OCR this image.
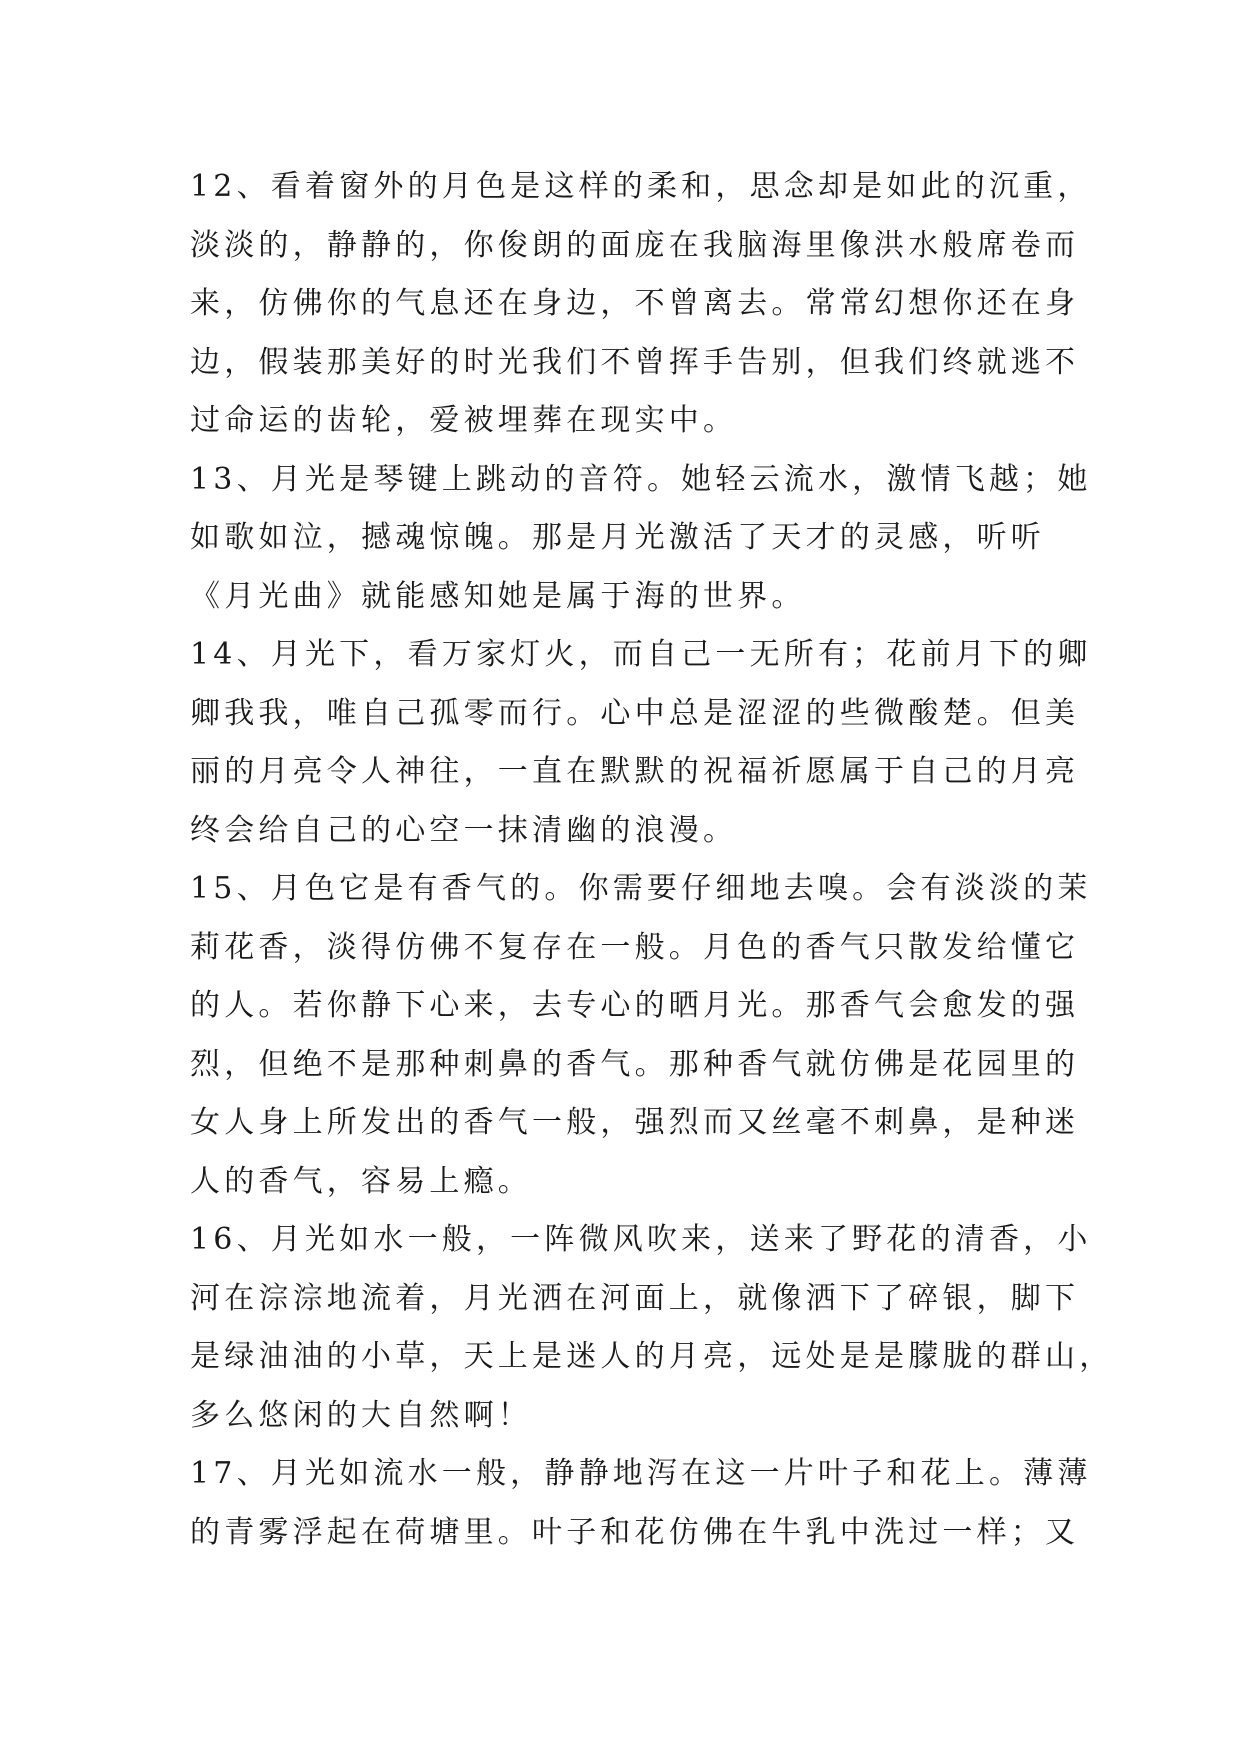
12、看着窗外的月色是这样的柔和，思念却是如此的沉重，
淡淡的，静静的，你俊朗的面庞在我脑海里像洪水般席卷而
来，仿佛你的气息还在身边，不曾离去。常常幻想你还在身
边，假装那美好的时光我们不曾挥手告别，但我们终就逃不
过命运的齿轮，爱被埋葬在现实中。

13、月光是琴键上跳动的音符。她轻云流水，激情飞越；她
如歌如泣，撼魂惊魄。那是月光激活了天才的灵感，听听
《月光曲》就能感知她是属于海的世界。

14、月光下，看万家灯火，而自己一无所有；花前月下的卿
卿我我，唯自己孤零而行。心中总是涩涩的些微酸楚。但美
丽的月亮令人神往，一直在默默的祝福祈愿属于自己的月亮
终会给自己的心空一抹清幽的浪漫。

15、月色它是有香气的。你需要仔细地去嗅。会有淡淡的茉
莉花香，淡得仿佛不复存在一般。月色的香气只散发给懂它
的人。若你静下心来，去专心的晒月光。那香气会愈发的强
烈，但绝不是那种刺鼻的香气。那种香气就仿佛是花园里的
女人身上所发出的香气一般，强烈而又丝毫不刺鼻，是种迷
人的香气，容易上瘾。

16、月光如水一般，一阵微风吹来，送来了野花的清香，小
河在淙淙地流着，月光洒在河面上，就像洒下了碎银，脚下
是绿油油的小草，天上是迷人的月亮，远处是是朦胧的群山，
多么悠闲的大自然啊！

17、月光如流水一般，静静地泻在这一片叶子和花上。薄薄
的青雾浮起在荷塘里。叶子和花仿佛在牛乳中洗过一样；又
